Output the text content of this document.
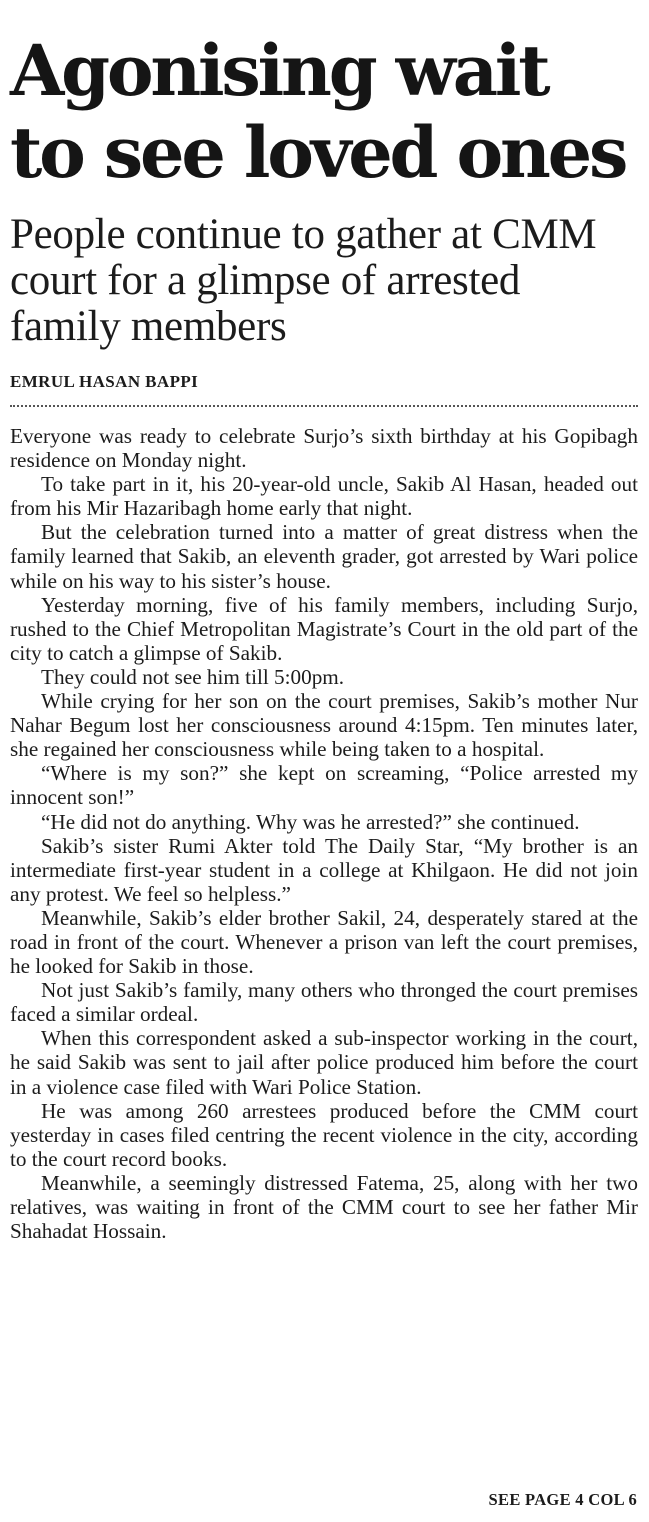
Agonising wait
to see loved ones

People continue to gather at CMM court for a glimpse of arrested family members

EMRUL HASAN BAPPI

Everyone was ready to celebrate Surjo’s sixth birthday at his Gopibagh residence on Monday night.

To take part in it, his 20-year-old uncle, Sakib Al Hasan, headed out from his Mir Hazaribagh home early that night.

But the celebration turned into a matter of great distress when the family learned that Sakib, an eleventh grader, got arrested by Wari police while on his way to his sister’s house.

Yesterday morning, five of his family members, including Surjo, rushed to the Chief Metropolitan Magistrate’s Court in the old part of the city to catch a glimpse of Sakib.

They could not see him till 5:00pm.

While crying for her son on the court premises, Sakib’s mother Nur Nahar Begum lost her consciousness around 4:15pm. Ten minutes later, she regained her consciousness while being taken to a hospital.

“Where is my son?” she kept on screaming, “Police arrested my innocent son!”

“He did not do anything. Why was he arrested?” she continued.

Sakib’s sister Rumi Akter told The Daily Star, “My brother is an intermediate first-year student in a college at Khilgaon. He did not join any protest. We feel so helpless.”

Meanwhile, Sakib’s elder brother Sakil, 24, desperately stared at the road in front of the court. Whenever a prison van left the court premises, he looked for Sakib in those.

Not just Sakib’s family, many others who thronged the court premises faced a similar ordeal.

When this correspondent asked a sub-inspector working in the court, he said Sakib was sent to jail after police produced him before the court in a violence case filed with Wari Police Station.

He was among 260 arrestees produced before the CMM court yesterday in cases filed centring the recent violence in the city, according to the court record books.

Meanwhile, a seemingly distressed Fatema, 25, along with her two relatives, was waiting in front of the CMM court to see her father Mir Shahadat Hossain.

SEE PAGE 4 COL 6
